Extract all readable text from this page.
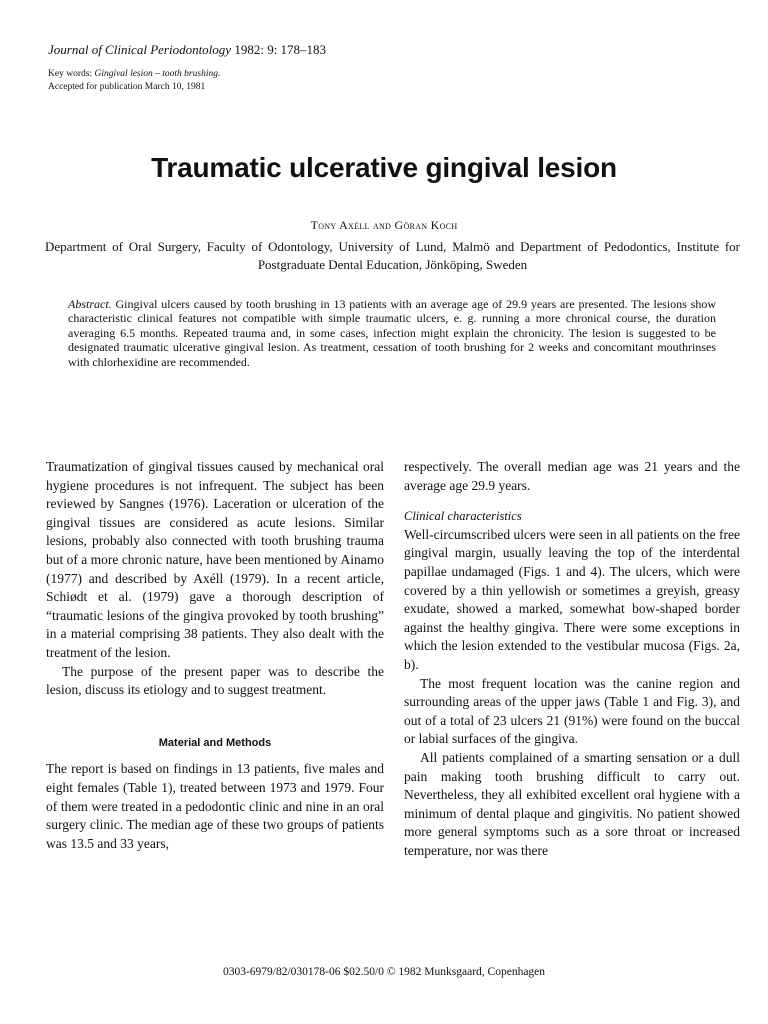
Journal of Clinical Periodontology 1982: 9: 178–183
Key words: Gingival lesion – tooth brushing.
Accepted for publication March 10, 1981
Traumatic ulcerative gingival lesion
Tony Axéll and Göran Koch
Department of Oral Surgery, Faculty of Odontology, University of Lund, Malmö and Department of Pedodontics, Institute for Postgraduate Dental Education, Jönköping, Sweden
Abstract. Gingival ulcers caused by tooth brushing in 13 patients with an average age of 29.9 years are presented. The lesions show characteristic clinical features not compatible with simple traumatic ulcers, e. g. running a more chronical course, the duration averaging 6.5 months. Repeated trauma and, in some cases, infection might explain the chronicity. The lesion is suggested to be designated traumatic ulcerative gingival lesion. As treatment, cessation of tooth brushing for 2 weeks and concomitant mouthrinses with chlorhexidine are recommended.

Traumatization of gingival tissues caused by mechanical oral hygiene procedures is not infrequent. The subject has been reviewed by Sangnes (1976). Laceration or ulceration of the gingival tissues are considered as acute lesions. Similar lesions, probably also connected with tooth brushing trauma but of a more chronic nature, have been mentioned by Ainamo (1977) and described by Axéll (1979). In a recent article, Schiødt et al. (1979) gave a thorough description of “traumatic lesions of the gingiva provoked by tooth brushing” in a material comprising 38 patients. They also dealt with the treatment of the lesion.

The purpose of the present paper was to describe the lesion, discuss its etiology and to suggest treatment.

Material and Methods

The report is based on findings in 13 patients, five males and eight females (Table 1), treated between 1973 and 1979. Four of them were treated in a pedodontic clinic and nine in an oral surgery clinic. The median age of these two groups of patients was 13.5 and 33 years,

respectively. The overall median age was 21 years and the average age 29.9 years.

Clinical characteristics

Well-circumscribed ulcers were seen in all patients on the free gingival margin, usually leaving the top of the interdental papillae undamaged (Figs. 1 and 4). The ulcers, which were covered by a thin yellowish or sometimes a greyish, greasy exudate, showed a marked, somewhat bow-shaped border against the healthy gingiva. There were some exceptions in which the lesion extended to the vestibular mucosa (Figs. 2a, b).

The most frequent location was the canine region and surrounding areas of the upper jaws (Table 1 and Fig. 3), and out of a total of 23 ulcers 21 (91%) were found on the buccal or labial surfaces of the gingiva.

All patients complained of a smarting sensation or a dull pain making tooth brushing difficult to carry out. Nevertheless, they all exhibited excellent oral hygiene with a minimum of dental plaque and gingivitis. No patient showed more general symptoms such as a sore throat or increased temperature, nor was there

0303-6979/82/030178-06 $02.50/0 © 1982 Munksgaard, Copenhagen
